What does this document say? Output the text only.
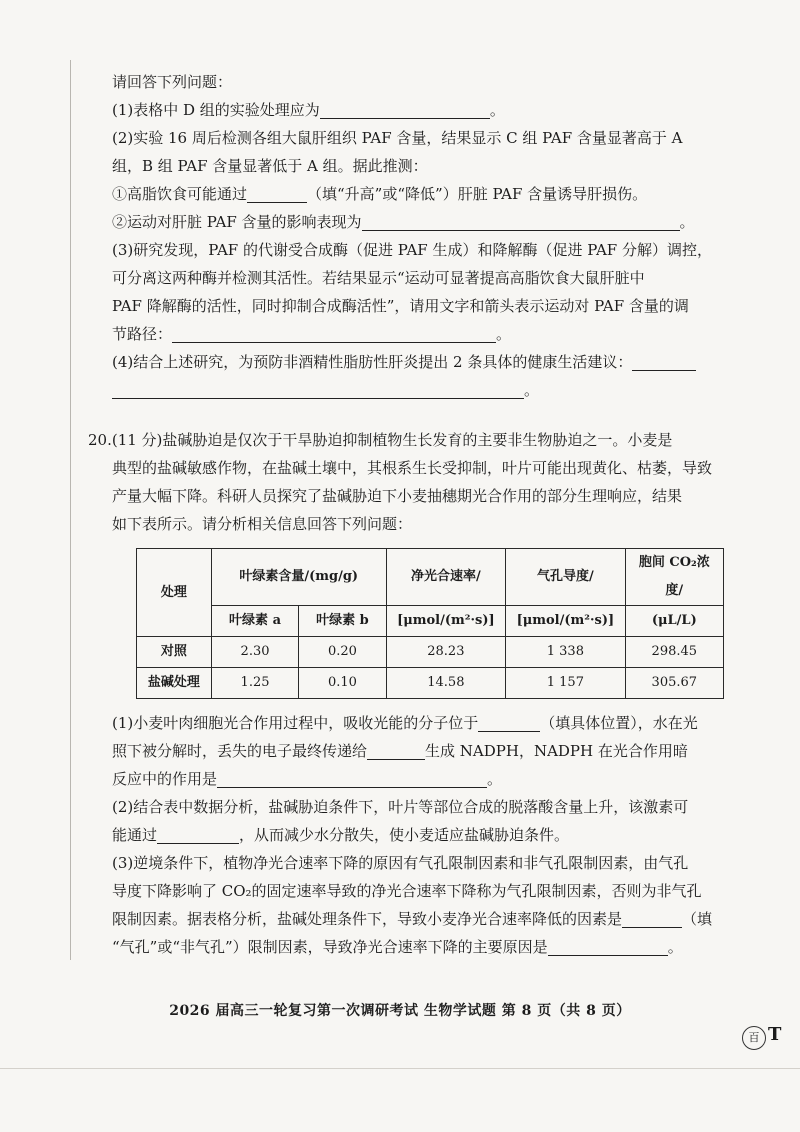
请回答下列问题：
(1)表格中 D 组的实验处理应为	。
(2)实验 16 周后检测各组大鼠肝组织 PAF 含量，结果显示 C 组 PAF 含量显著高于 A
组，B 组 PAF 含量显著低于 A 组。据此推测：
①高脂饮食可能通过	（填“升高”或“降低”）肝脏 PAF 含量诱导肝损伤。
②运动对肝脏 PAF 含量的影响表现为	。
(3)研究发现，PAF 的代谢受合成酶（促进 PAF 生成）和降解酶（促进 PAF 分解）调控，
可分离这两种酶并检测其活性。若结果显示“运动可显著提高高脂饮食大鼠肝脏中
PAF 降解酶的活性，同时抑制合成酶活性”，请用文字和箭头表示运动对 PAF 含量的调
节路径：	。
(4)结合上述研究，为预防非酒精性脂肪性肝炎提出 2 条具体的健康生活建议：
。
20.(11 分)盐碱胁迫是仅次于干旱胁迫抑制植物生长发育的主要非生物胁迫之一。小麦是
典型的盐碱敏感作物，在盐碱土壤中，其根系生长受抑制，叶片可能出现黄化、枯萎，导致
产量大幅下降。科研人员探究了盐碱胁迫下小麦抽穗期光合作用的部分生理响应，结果
如下表所示。请分析相关信息回答下列问题：
处理	叶绿素含量/(mg/g)		净光合速率/	气孔导度/	胞间 CO₂浓度/
	叶绿素 a	叶绿素 b	[μmol/(m²·s)]	[μmol/(m²·s)]	(μL/L)
对照	2.30	0.20	28.23	1 338	298.45
盐碱处理	1.25	0.10	14.58	1 157	305.67
(1)小麦叶肉细胞光合作用过程中，吸收光能的分子位于	（填具体位置），水在光
照下被分解时，丢失的电子最终传递给	生成 NADPH，NADPH 在光合作用暗
反应中的作用是	。
(2)结合表中数据分析，盐碱胁迫条件下，叶片等部位合成的脱落酸含量上升，该激素可
能通过	，从而减少水分散失，使小麦适应盐碱胁迫条件。
(3)逆境条件下，植物净光合速率下降的原因有气孔限制因素和非气孔限制因素，由气孔
导度下降影响了 CO₂的固定速率导致的净光合速率下降称为气孔限制因素，否则为非气孔
限制因素。据表格分析，盐碱处理条件下，导致小麦净光合速率降低的因素是	（填
“气孔”或“非气孔”）限制因素，导致净光合速率下降的主要原因是	。
2026 届高三一轮复习第一次调研考试 生物学试题 第 8 页（共 8 页）
百 T
